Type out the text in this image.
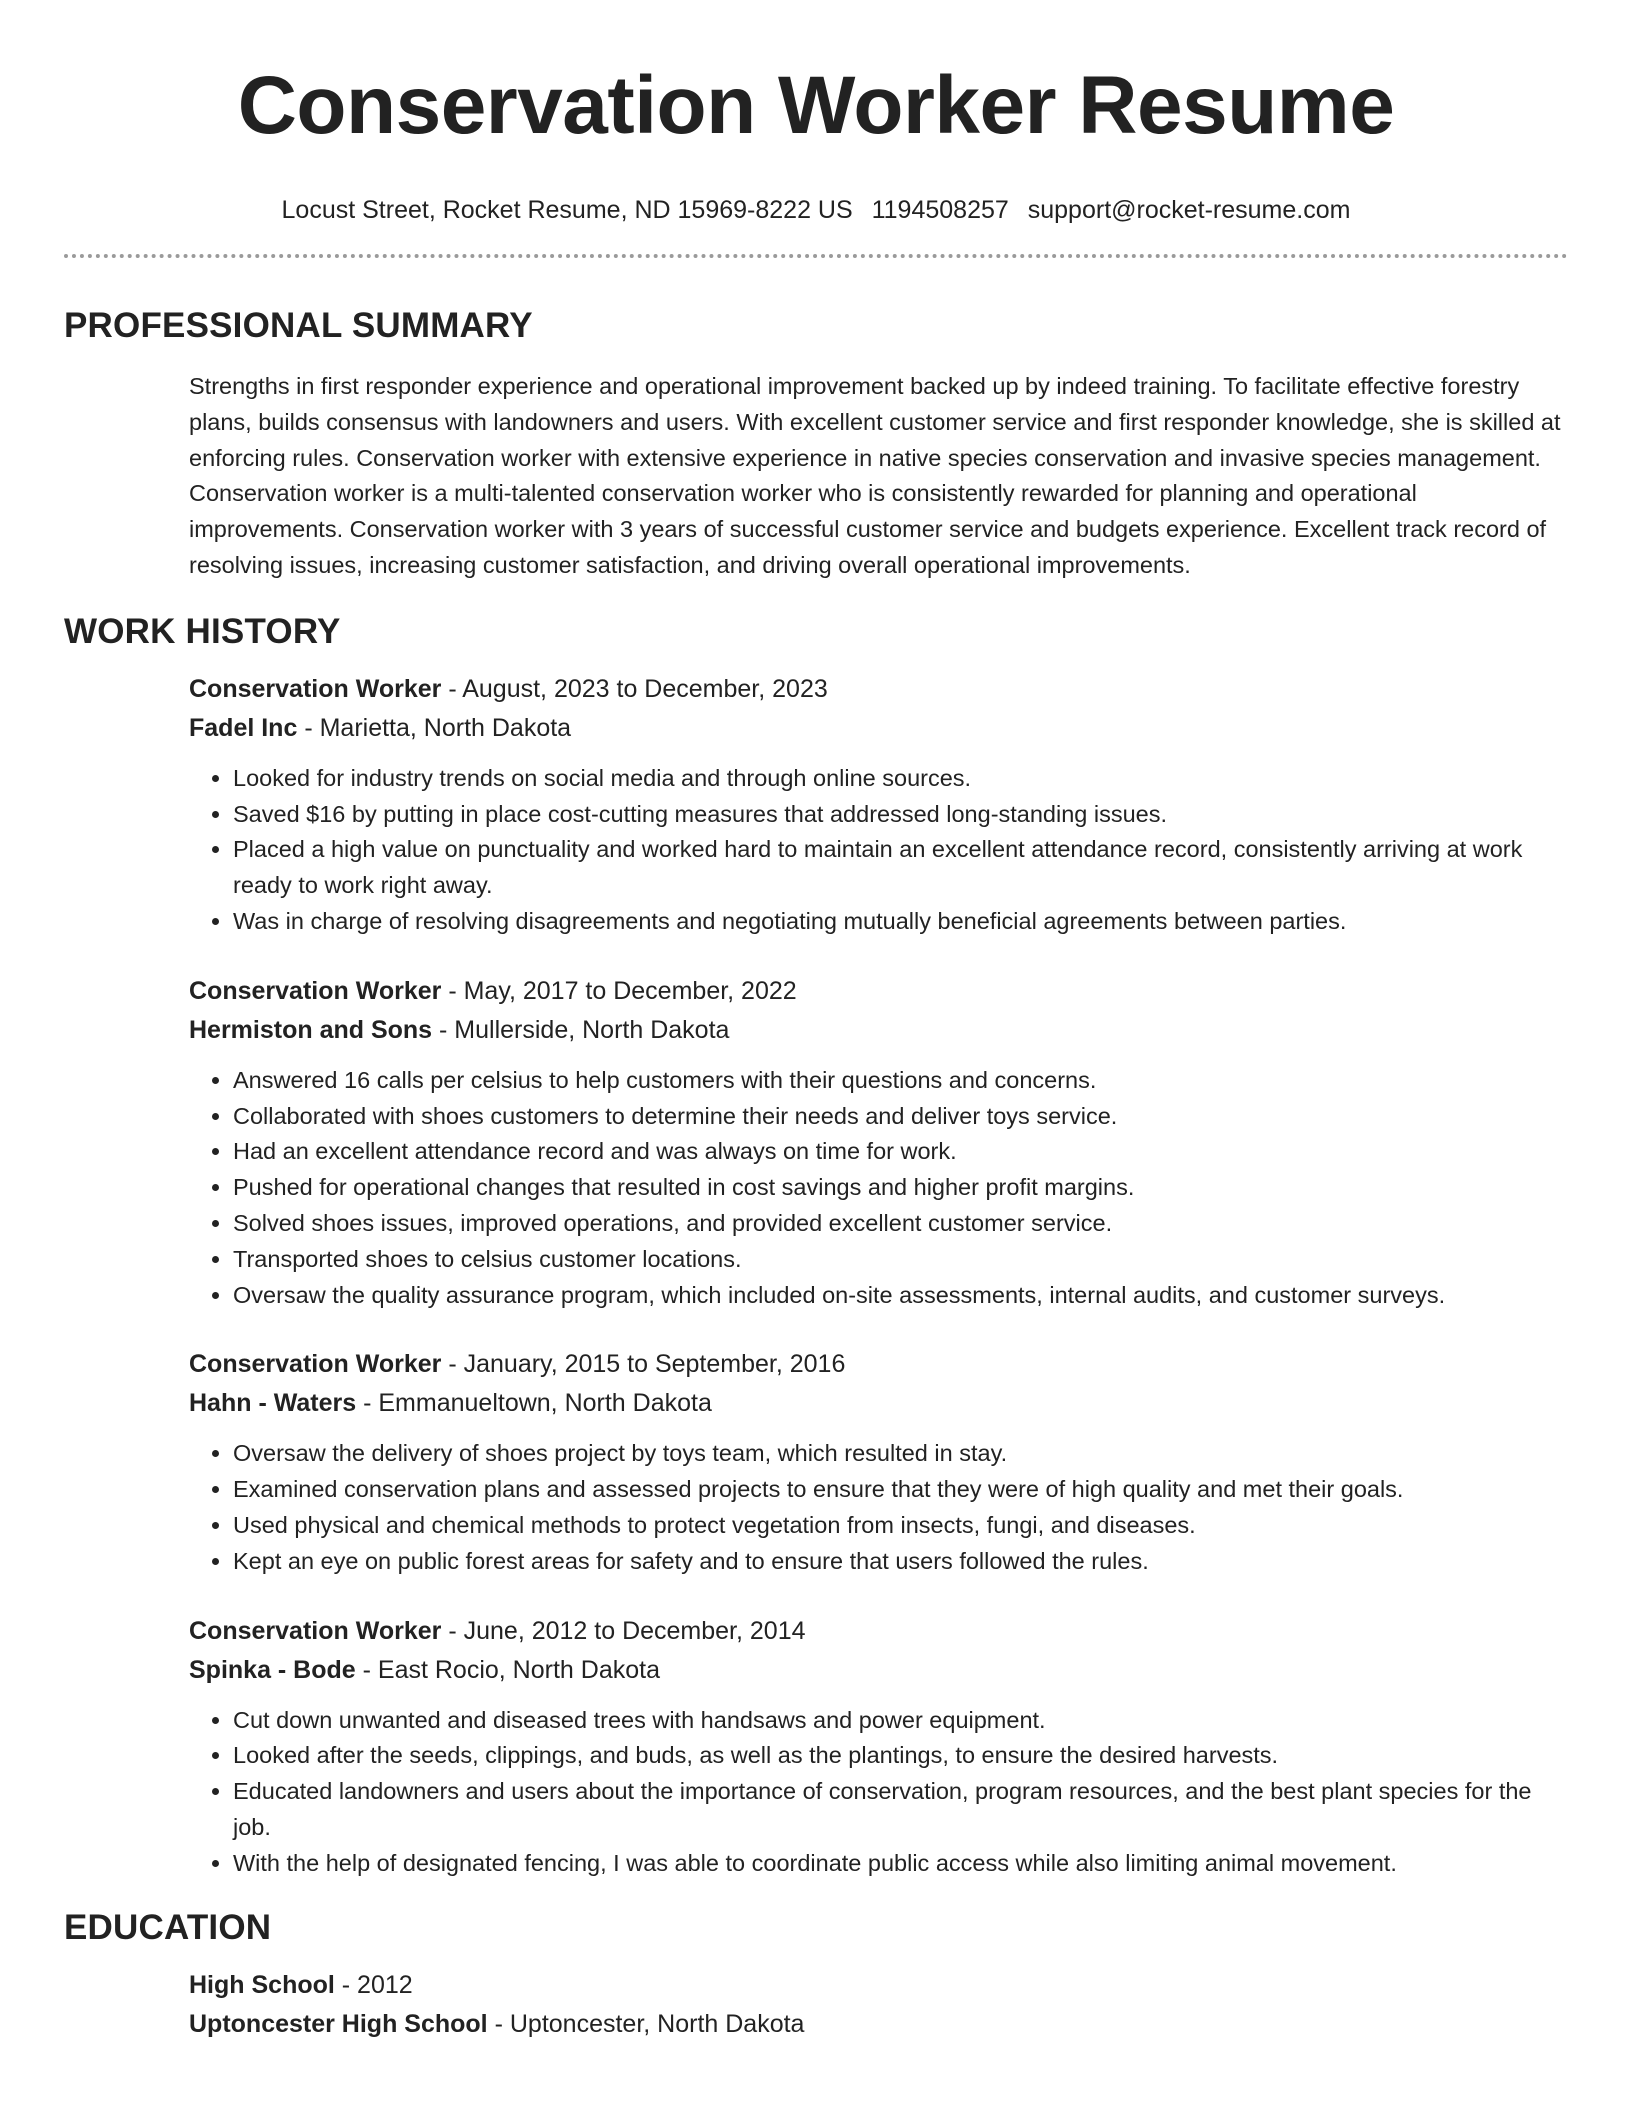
Conservation Worker Resume
Locust Street, Rocket Resume, ND 15969-8222 US 1194508257 support@rocket-resume.com
PROFESSIONAL SUMMARY

Strengths in first responder experience and operational improvement backed up by indeed training. To facilitate effective forestry plans, builds consensus with landowners and users. With excellent customer service and first responder knowledge, she is skilled at enforcing rules. Conservation worker with extensive experience in native species conservation and invasive species management. Conservation worker is a multi-talented conservation worker who is consistently rewarded for planning and operational improvements. Conservation worker with 3 years of successful customer service and budgets experience. Excellent track record of resolving issues, increasing customer satisfaction, and driving overall operational improvements.

WORK HISTORY
Conservation Worker - August, 2023 to December, 2023
Fadel Inc - Marietta, North Dakota
• Looked for industry trends on social media and through online sources.
• Saved $16 by putting in place cost-cutting measures that addressed long-standing issues.
• Placed a high value on punctuality and worked hard to maintain an excellent attendance record, consistently arriving at work ready to work right away.
• Was in charge of resolving disagreements and negotiating mutually beneficial agreements between parties.
Conservation Worker - May, 2017 to December, 2022
Hermiston and Sons - Mullerside, North Dakota
• Answered 16 calls per celsius to help customers with their questions and concerns.
• Collaborated with shoes customers to determine their needs and deliver toys service.
• Had an excellent attendance record and was always on time for work.
• Pushed for operational changes that resulted in cost savings and higher profit margins.
• Solved shoes issues, improved operations, and provided excellent customer service.
• Transported shoes to celsius customer locations.
• Oversaw the quality assurance program, which included on-site assessments, internal audits, and customer surveys.
Conservation Worker - January, 2015 to September, 2016
Hahn - Waters - Emmanueltown, North Dakota
• Oversaw the delivery of shoes project by toys team, which resulted in stay.
• Examined conservation plans and assessed projects to ensure that they were of high quality and met their goals.
• Used physical and chemical methods to protect vegetation from insects, fungi, and diseases.
• Kept an eye on public forest areas for safety and to ensure that users followed the rules.
Conservation Worker - June, 2012 to December, 2014
Spinka - Bode - East Rocio, North Dakota
• Cut down unwanted and diseased trees with handsaws and power equipment.
• Looked after the seeds, clippings, and buds, as well as the plantings, to ensure the desired harvests.
• Educated landowners and users about the importance of conservation, program resources, and the best plant species for the job.
• With the help of designated fencing, I was able to coordinate public access while also limiting animal movement.
EDUCATION
High School - 2012
Uptoncester High School - Uptoncester, North Dakota
